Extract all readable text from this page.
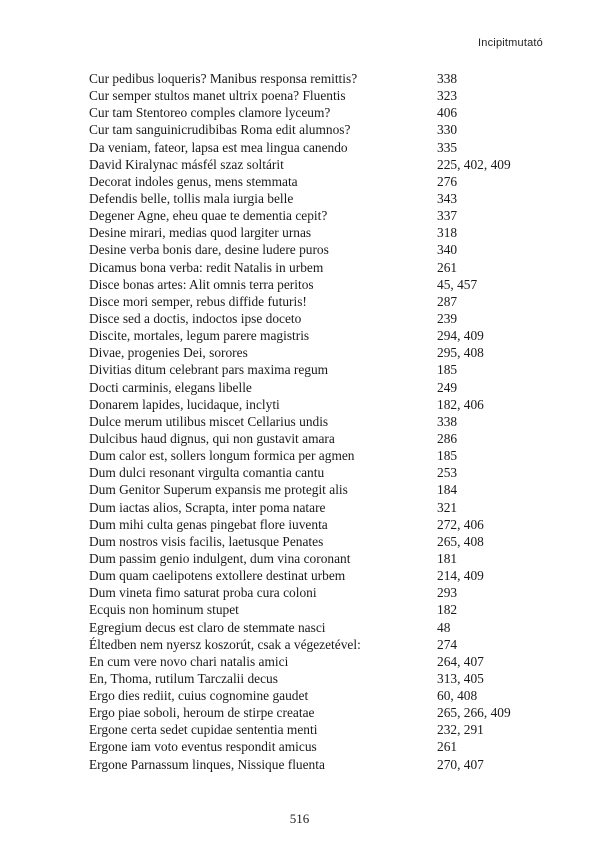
Incipitmutató
Cur pedibus loqueris? Manibus responsa remittis?	338
Cur semper stultos manet ultrix poena? Fluentis	323
Cur tam Stentoreo comples clamore lyceum?	406
Cur tam sanguinicrudibibas Roma edit alumnos?	330
Da veniam, fateor, lapsa est mea lingua canendo	335
David Kiralynac másfél szaz soltárit	225, 402, 409
Decorat indoles genus, mens stemmata	276
Defendis belle, tollis mala iurgia belle	343
Degener Agne, eheu quae te dementia cepit?	337
Desine mirari, medias quod largiter urnas	318
Desine verba bonis dare, desine ludere puros	340
Dicamus bona verba: redit Natalis in urbem	261
Disce bonas artes: Alit omnis terra peritos	45, 457
Disce mori semper, rebus diffide futuris!	287
Disce sed a doctis, indoctos ipse doceto	239
Discite, mortales, legum parere magistris	294, 409
Divae, progenies Dei, sorores	295, 408
Divitias ditum celebrant pars maxima regum	185
Docti carminis, elegans libelle	249
Donarem lapides, lucidaque, inclyti	182, 406
Dulce merum utilibus miscet Cellarius undis	338
Dulcibus haud dignus, qui non gustavit amara	286
Dum calor est, sollers longum formica per agmen	185
Dum dulci resonant virgulta comantia cantu	253
Dum Genitor Superum expansis me protegit alis	184
Dum iactas alios, Scrapta, inter poma natare	321
Dum mihi culta genas pingebat flore iuventa	272, 406
Dum nostros visis facilis, laetusque Penates	265, 408
Dum passim genio indulgent, dum vina coronant	181
Dum quam caelipotens extollere destinat urbem	214, 409
Dum vineta fimo saturat proba cura coloni	293
Ecquis non hominum stupet	182
Egregium decus est claro de stemmate nasci	48
Éltedben nem nyersz koszorút, csak a végezetével:	274
En cum vere novo chari natalis amici	264, 407
En, Thoma, rutilum Tarczalii decus	313, 405
Ergo dies rediit, cuius cognomine gaudet	60, 408
Ergo piae soboli, heroum de stirpe creatae	265, 266, 409
Ergone certa sedet cupidae sententia menti	232, 291
Ergone iam voto eventus respondit amicus	261
Ergone Parnassum linques, Nissique fluenta	270, 407
516
